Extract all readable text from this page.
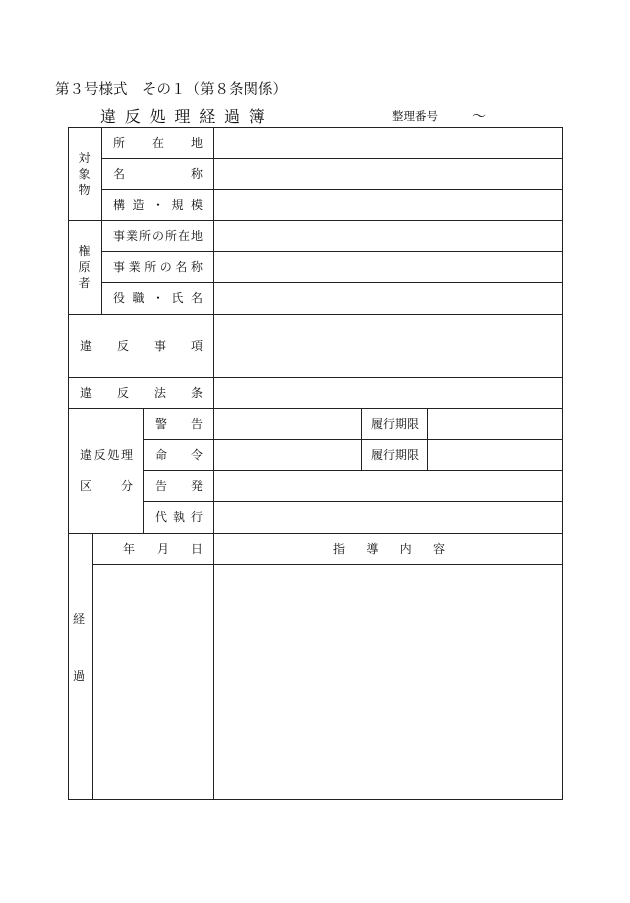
第３号様式　その１（第８条関係）
違反処理経過簿	整理番号 ～
対
象
物
所在地
名称
構造・規模
権
原
者
事業所の所在地
事業所の名称
役職・氏名
違反事項
違反法条
違反処理
区分
警告
命令
告発
代執行
履行期限
履行期限
年月日	指導内容
経
過
